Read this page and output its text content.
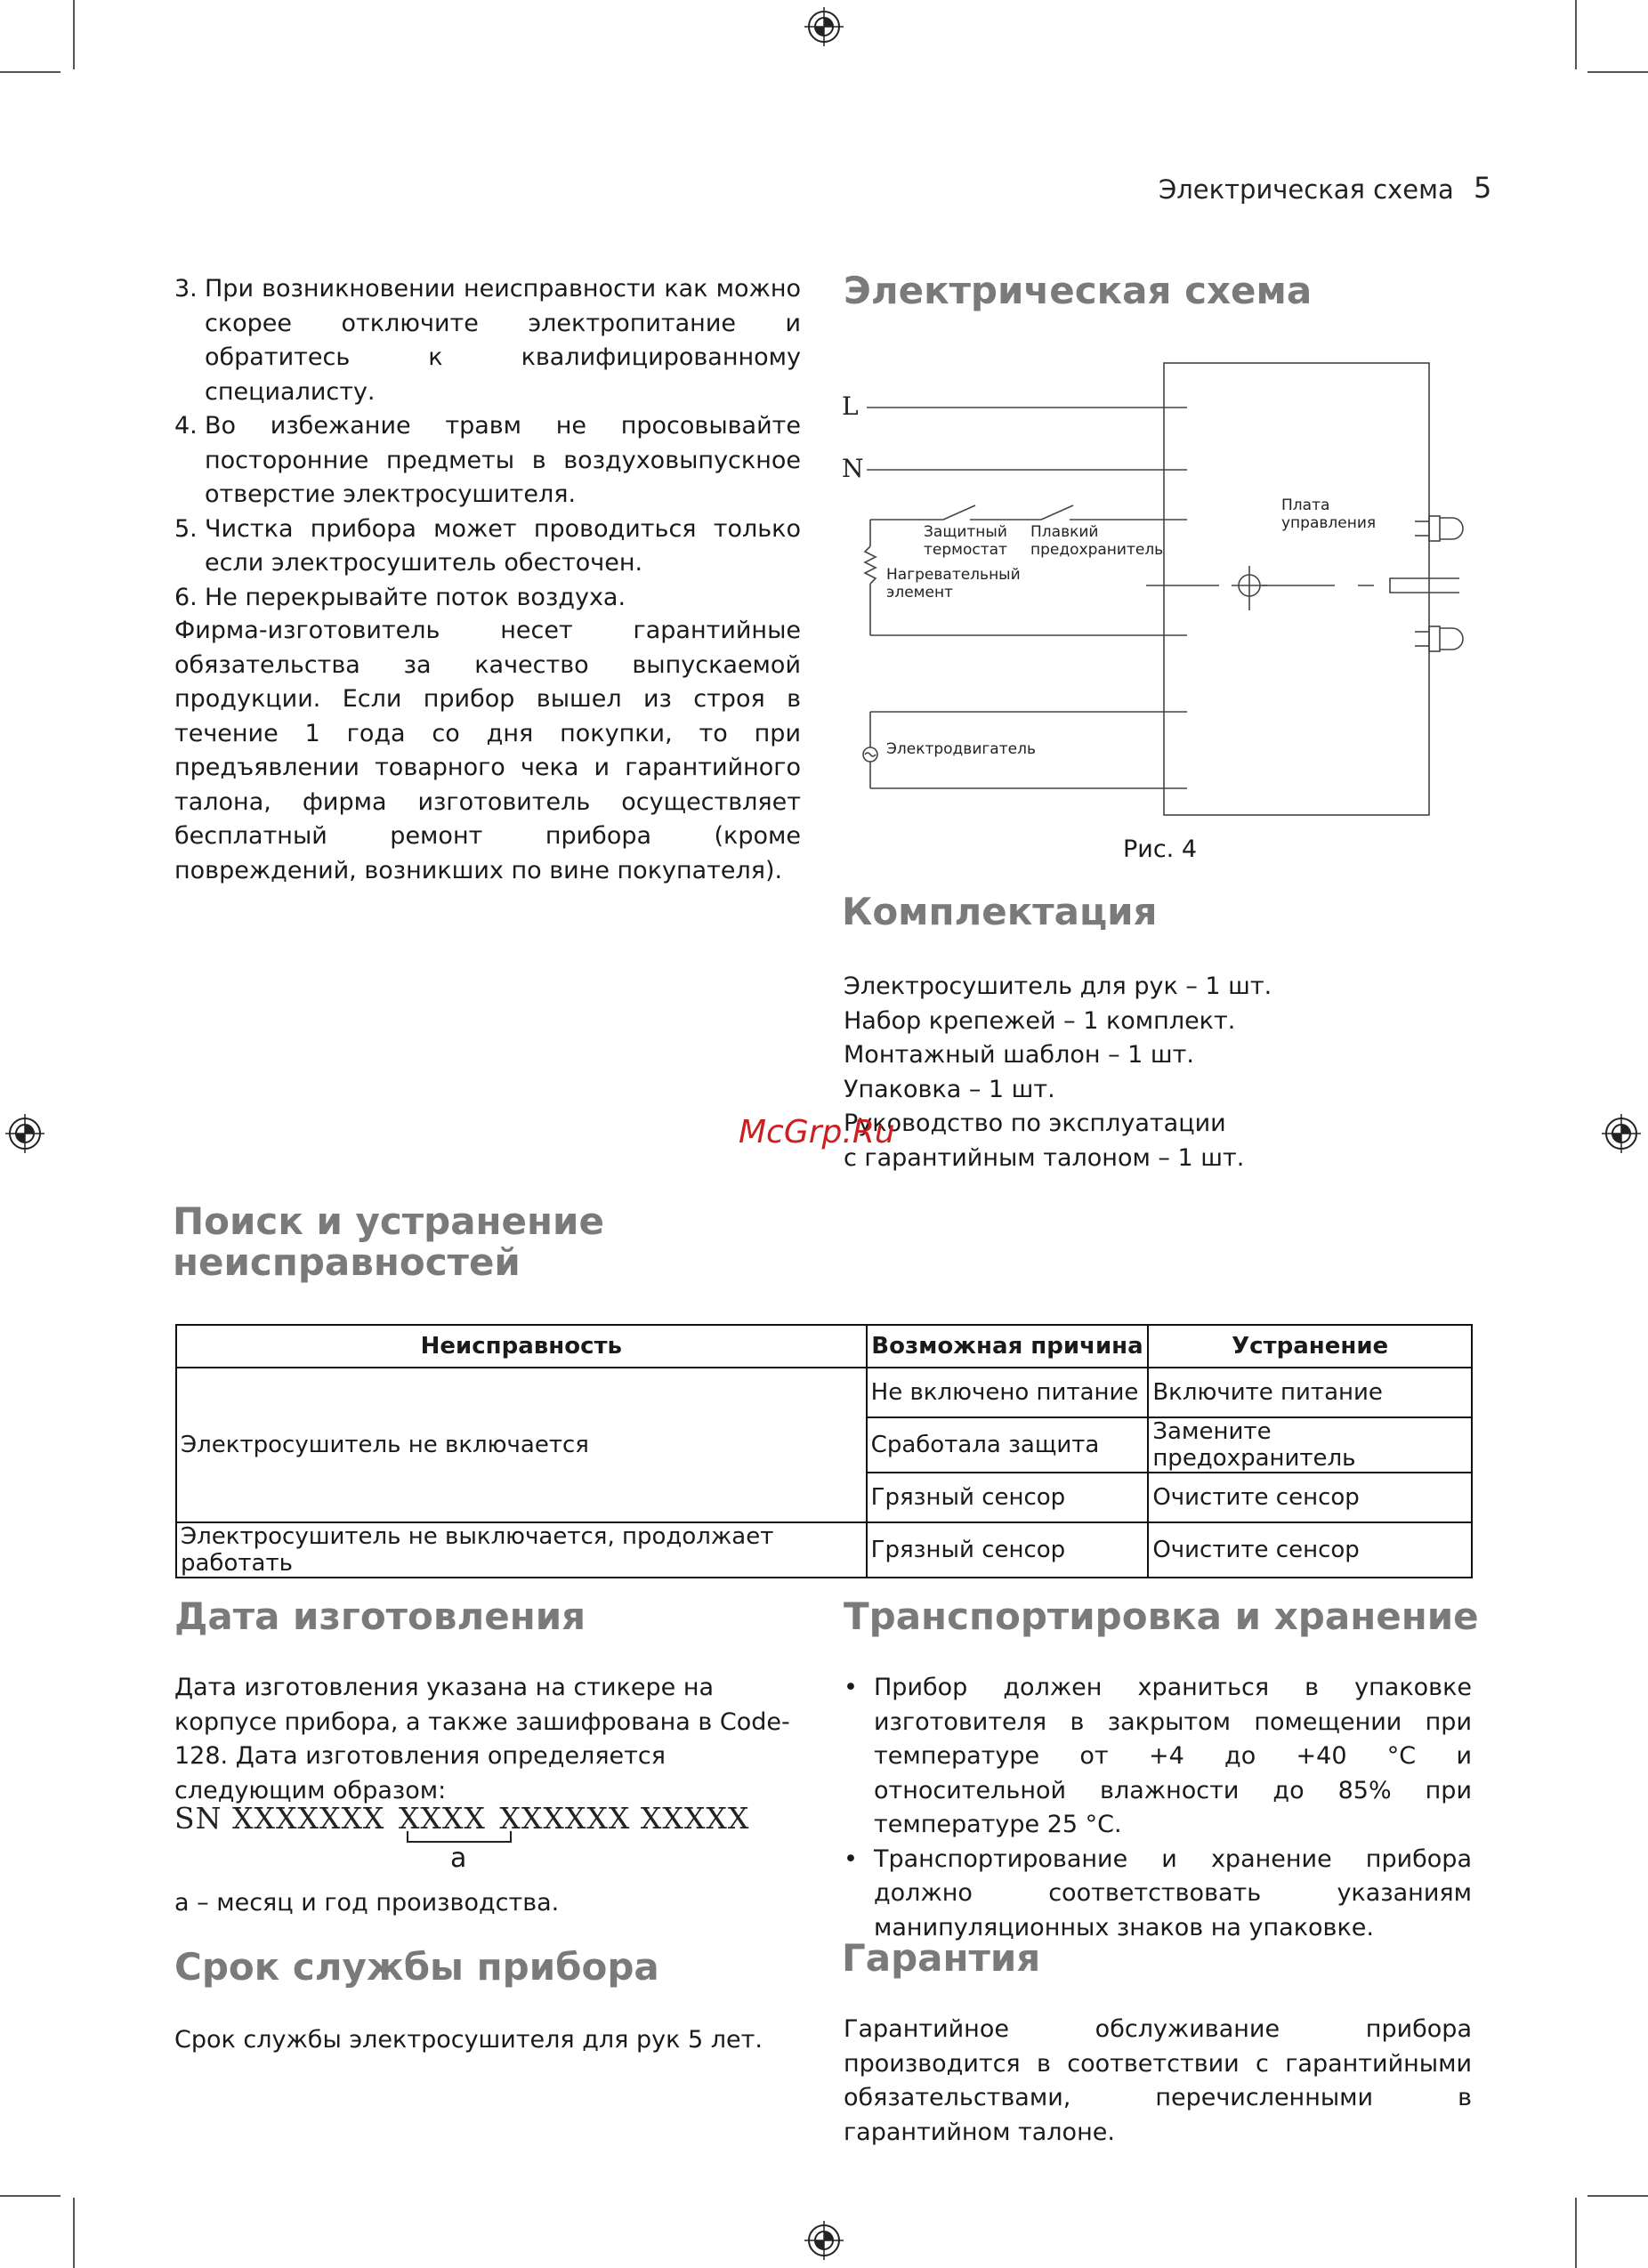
Электрическая схема 5
3. При возникновении неисправности как можно скорее отключите электропитание и обратитесь к квалифицированному специалисту.
4. Во избежание травм не просовывайте посторонние предметы в воздуховыпускное отверстие электросушителя.
5. Чистка прибора может проводиться только если электросушитель обесточен.
6. Не перекрывайте поток воздуха.

Фирма-изготовитель несет гарантийные обязательства за качество выпускаемой продукции. Если прибор вышел из строя в течение 1 года со дня покупки, то при предъявлении товарного чека и гарантийного талона, фирма изготовитель осуществляет бесплатный ремонт прибора (кроме повреждений, возникших по вине покупателя).

Электрическая схема
L
N
Защитный
термостат
Плавкий
предохранитель
Нагревательный
элемент
Плата
управления
Электродвигатель
Рис. 4
Комплектация
Электросушитель для рук – 1 шт.
Набор крепежей – 1 комплект.
Монтажный шаблон – 1 шт.
Упаковка – 1 шт.
Руководство по эксплуатации
с гарантийным талоном – 1 шт.
McGrp.Ru
Поиск и устранение
неисправностей
Неисправность	Возможная причина	Устранение
Электросушитель не включается	Не включено питание	Включите питание
	Сработала защита	Замените предохранитель
	Грязный сенсор	Очистите сенсор
Электросушитель не выключается, продолжает работать	Грязный сенсор	Очистите сенсор
Дата изготовления

Дата изготовления указана на стикере на корпусе прибора, а также зашифрована в Code-128. Дата изготовления определяется следующим образом:

SN XXXXXXX XXXX XXXXXX XXXXX
a
a – месяц и год производства.
Срок службы прибора
Срок службы электросушителя для рук 5 лет.
Транспортировка и хранение
• Прибор должен храниться в упаковке изготовителя в закрытом помещении при температуре от +4 до +40 °С и относительной влажности до 85% при температуре 25 °С.
• Транспортирование и хранение прибора должно соответствовать указаниям манипуляционных знаков на упаковке.
Гарантия

Гарантийное обслуживание прибора производится в соответствии с гарантийными обязательствами, перечисленными в гарантийном талоне.
